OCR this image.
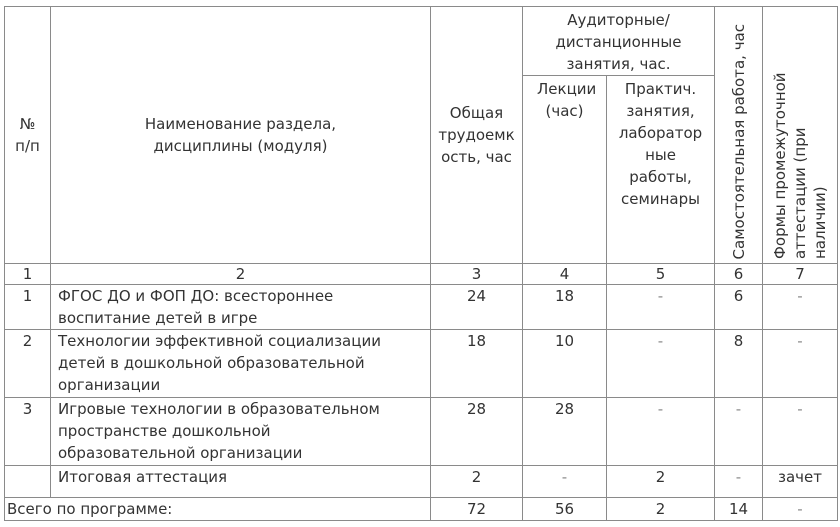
№ п/п	Наименование раздела, дисциплины (модуля)	Общая трудоемк ость, час	Аудиторные/ дистанционные занятия, час.		Самостоятельная работа, час	Формы промежуточной аттестации (при наличии)

			Лекции (час)	Практич. занятия, лаборатор ные работы, семинары		
1	2	3	4	5	6	7
1	ФГОС ДО и ФОП ДО: всестороннее воспитание детей в игре	24	18	-	6	-
2	Технологии эффективной социализации детей в дошкольной образовательной организации	18	10	-	8	-
3	Игровые технологии в образовательном пространстве дошкольной образовательной организации	28	28	-	-	-
	Итоговая аттестация	2	-	2	-	зачет
Всего по программе:		72	56	2	14	-
